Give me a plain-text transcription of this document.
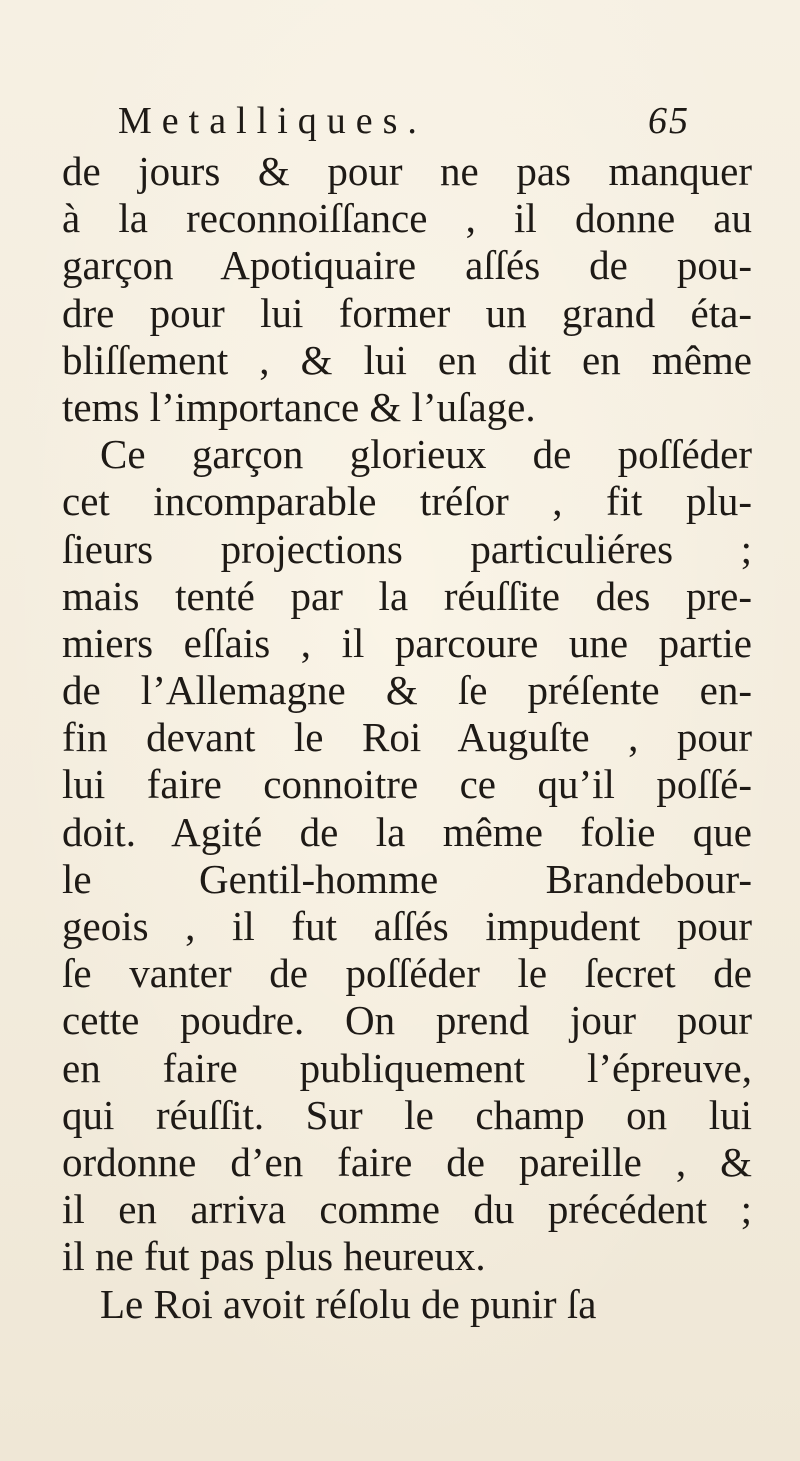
Metalliques.	65
de jours & pour ne pas manquer
à la reconnoiſſance , il donne au
garçon Apotiquaire aſſés de pou-
dre pour lui former un grand éta-
bliſſement , & lui en dit en même
tems l’importance & l’uſage.
Ce garçon glorieux de poſſéder
cet incomparable tréſor , fit plu-
ſieurs projections particuliéres ;
mais tenté par la réuſſite des pre-
miers eſſais , il parcoure une partie
de l’Allemagne & ſe préſente en-
fin devant le Roi Auguſte , pour
lui faire connoitre ce qu’il poſſé-
doit. Agité de la même folie que
le Gentil-homme Brandebour-
geois , il fut aſſés impudent pour
ſe vanter de poſſéder le ſecret de
cette poudre. On prend jour pour
en faire publiquement l’épreuve,
qui réuſſit. Sur le champ on lui
ordonne d’en faire de pareille , &
il en arriva comme du précédent ;
il ne fut pas plus heureux.
Le Roi avoit réſolu de punir ſa
